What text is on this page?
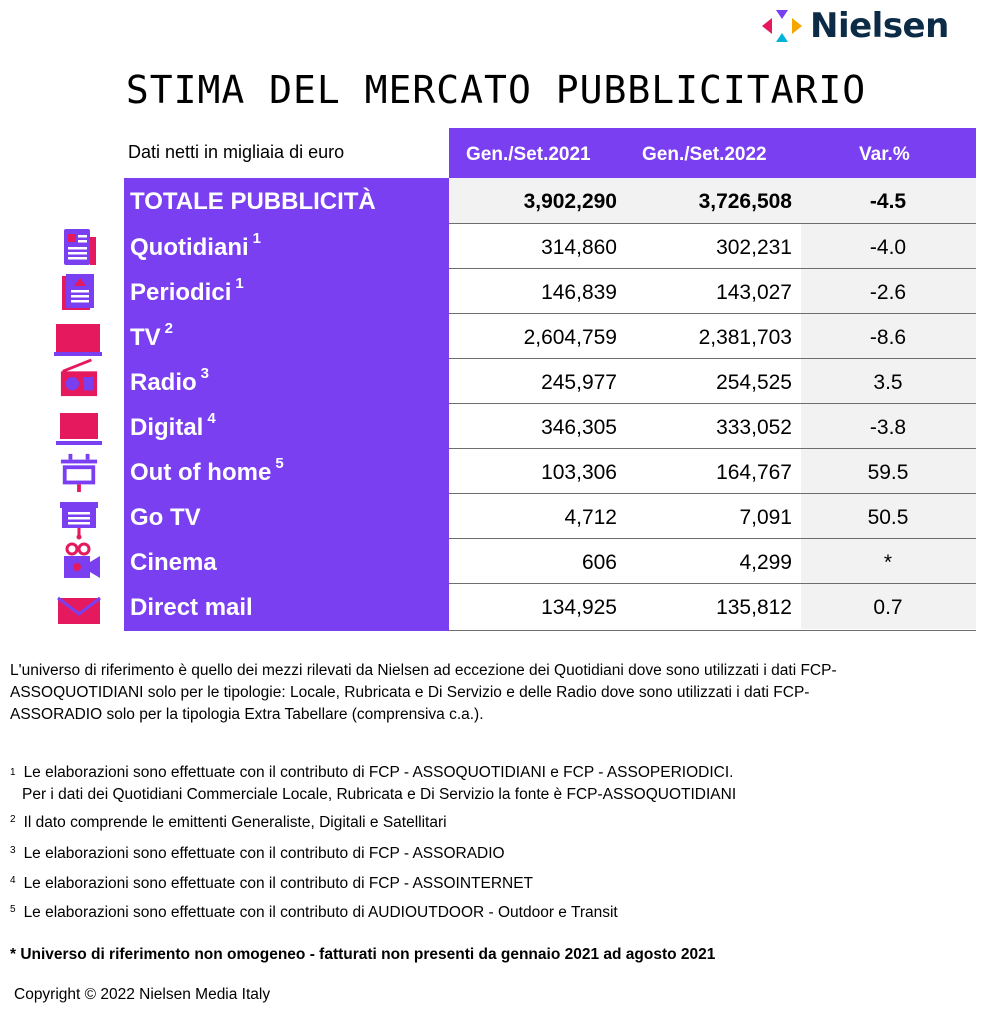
Nielsen
STIMA DEL MERCATO PUBBLICITARIO
Dati netti in migliaia di euro	Gen./Set.2021	Gen./Set.2022	Var.%
TOTALE PUBBLICITÀ	3,902,290	3,726,508	-4.5
Quotidiani $^1$	314,860	302,231	-4.0
Periodici $^1$	146,839	143,027	-2.6
TV $^2$	2,604,759	2,381,703	-8.6
Radio $^3$	245,977	254,525	3.5
Digital $^4$	346,305	333,052	-3.8
Out of home $^5$	103,306	164,767	59.5
Go TV	4,712	7,091	50.5
Cinema	606	4,299	*
Direct mail	134,925	135,812	0.7
L'universo di riferimento è quello dei mezzi rilevati da Nielsen ad eccezione dei Quotidiani dove sono utilizzati i dati FCP-
ASSOQUOTIDIANI solo per le tipologie: Locale, Rubricata e Di Servizio e delle Radio dove sono utilizzati i dati FCP-
ASSORADIO solo per la tipologia Extra Tabellare (comprensiva c.a.).
$^1$ Le elaborazioni sono effettuate con il contributo di FCP - ASSOQUOTIDIANI e FCP - ASSOPERIODICI.
Per i dati dei Quotidiani Commerciale Locale, Rubricata e Di Servizio la fonte è FCP-ASSOQUOTIDIANI
$^2$ Il dato comprende le emittenti Generaliste, Digitali e Satellitari
$^3$ Le elaborazioni sono effettuate con il contributo di FCP - ASSORADIO
$^4$ Le elaborazioni sono effettuate con il contributo di FCP - ASSOINTERNET
$^5$ Le elaborazioni sono effettuate con il contributo di AUDIOUTDOOR - Outdoor e Transit
* Universo di riferimento non omogeneo - fatturati non presenti da gennaio 2021 ad agosto 2021
Copyright © 2022 Nielsen Media Italy
